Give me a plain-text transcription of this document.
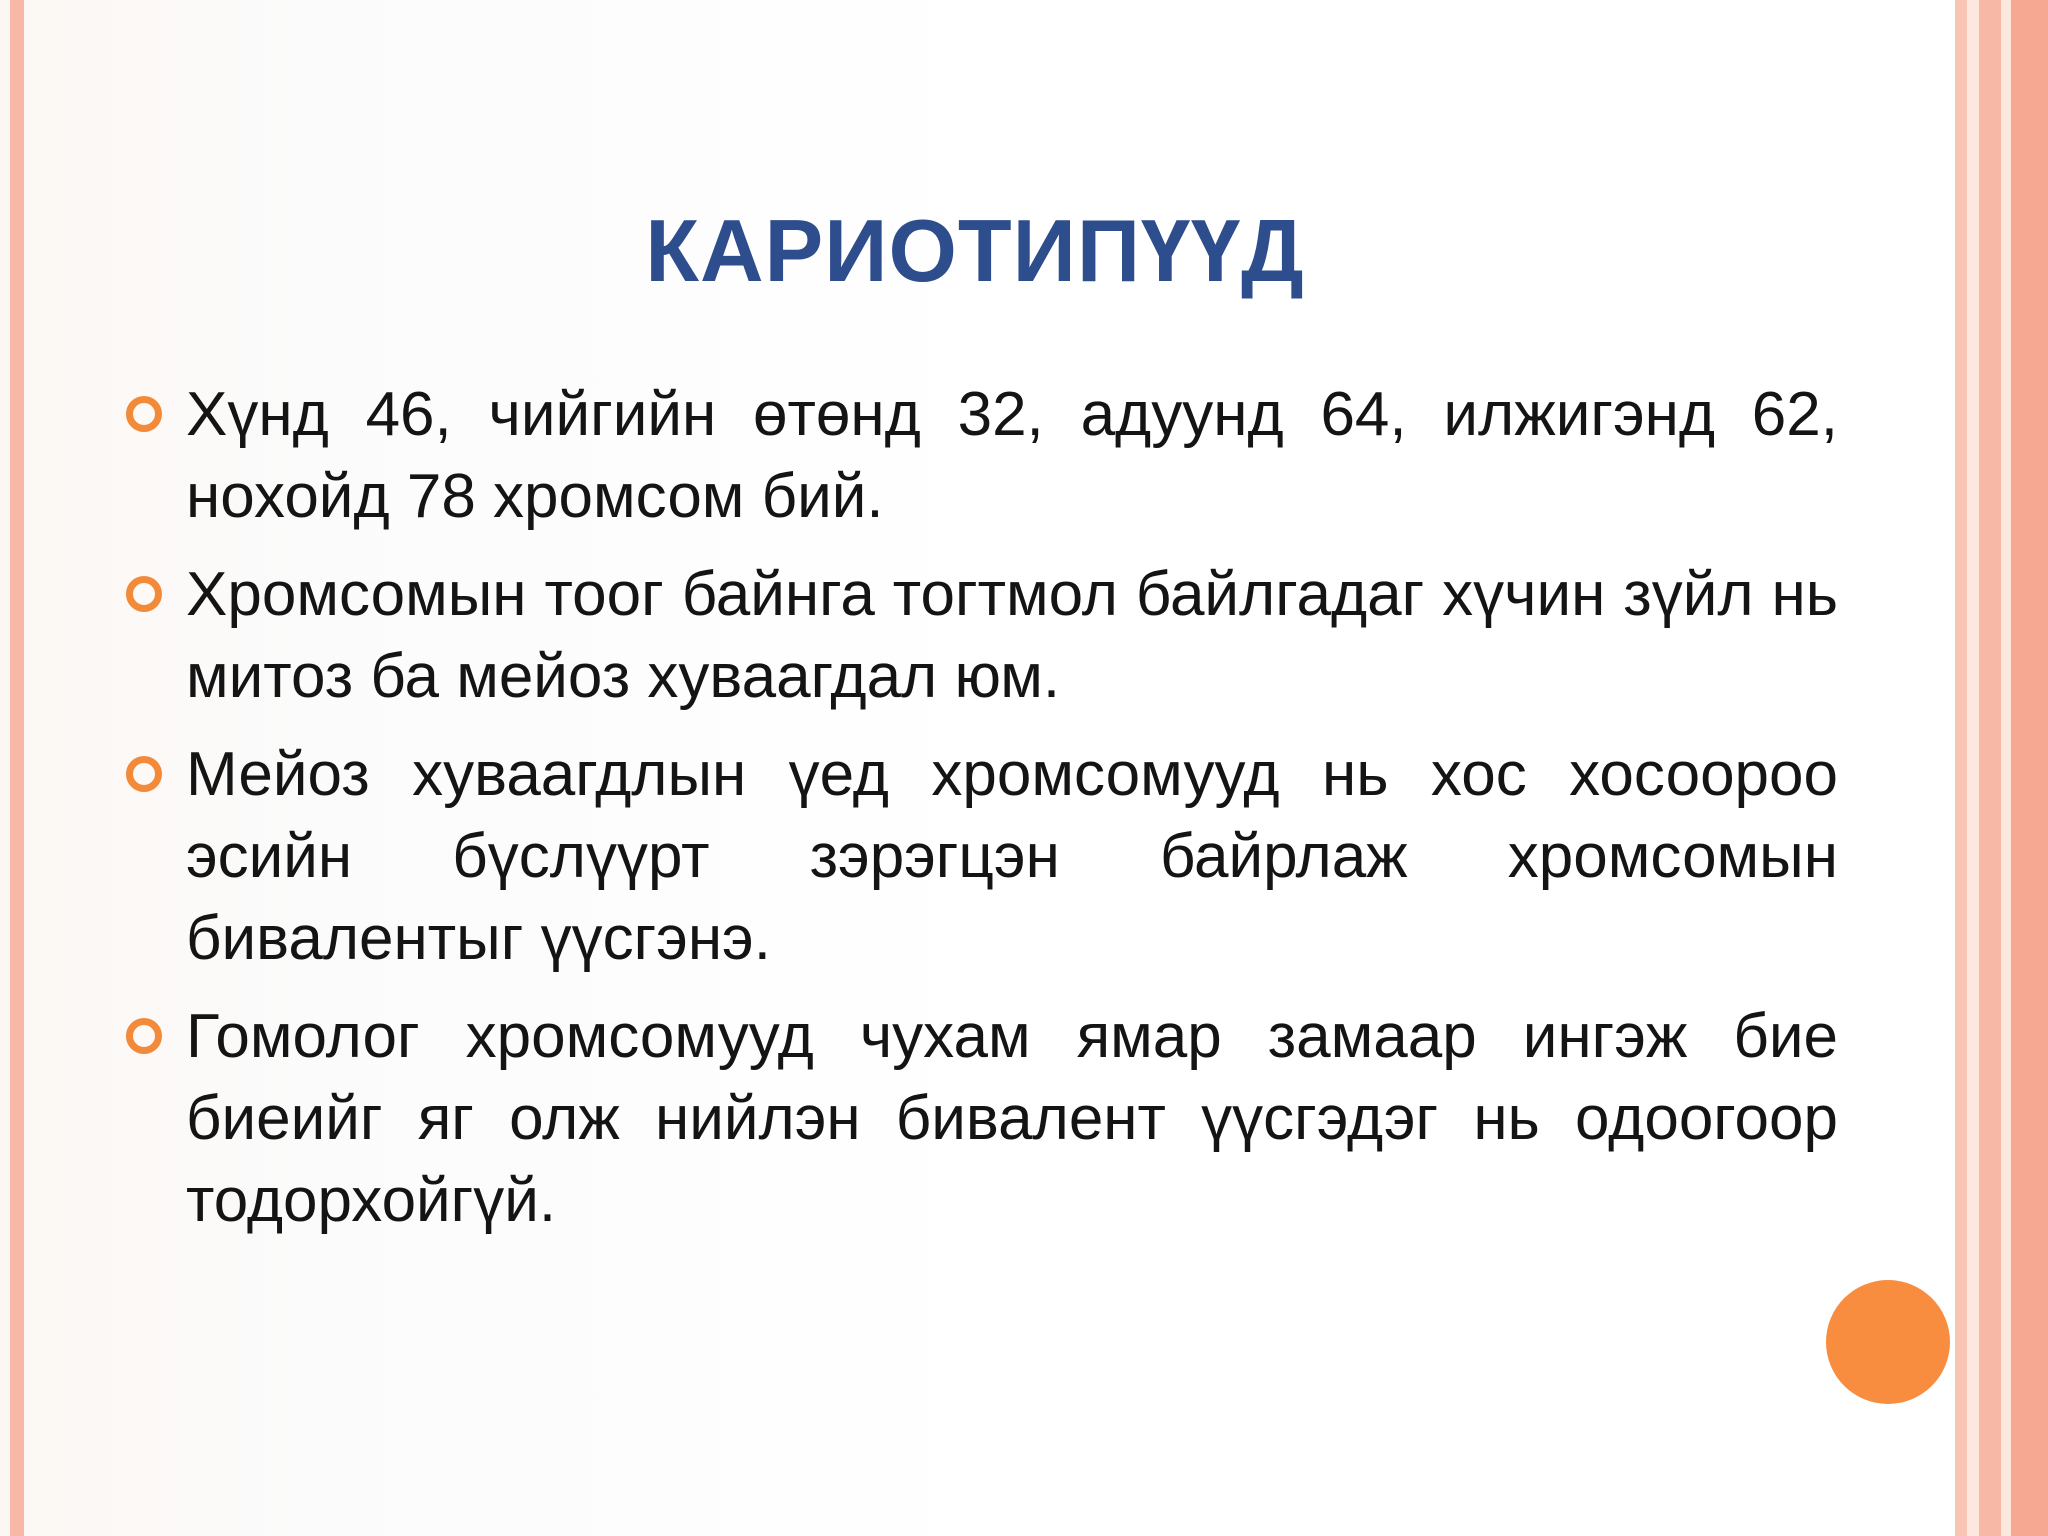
КАРИОТИПҮҮД
Хүнд 46, чийгийн өтөнд 32, адуунд 64, илжигэнд 62, нохойд 78 хромсом бий.
Хромсомын тоог байнга тогтмол байлгадаг хүчин зүйл нь митоз ба мейоз хуваагдал юм.
Мейоз хуваагдлын үед хромсомууд нь хос хосоороо эсийн бүслүүрт зэрэгцэн байрлаж хромсомын бивалентыг үүсгэнэ.
Гомолог хромсомууд чухам ямар замаар ингэж бие биеийг яг олж нийлэн бивалент үүсгэдэг нь одоогоор тодорхойгүй.
